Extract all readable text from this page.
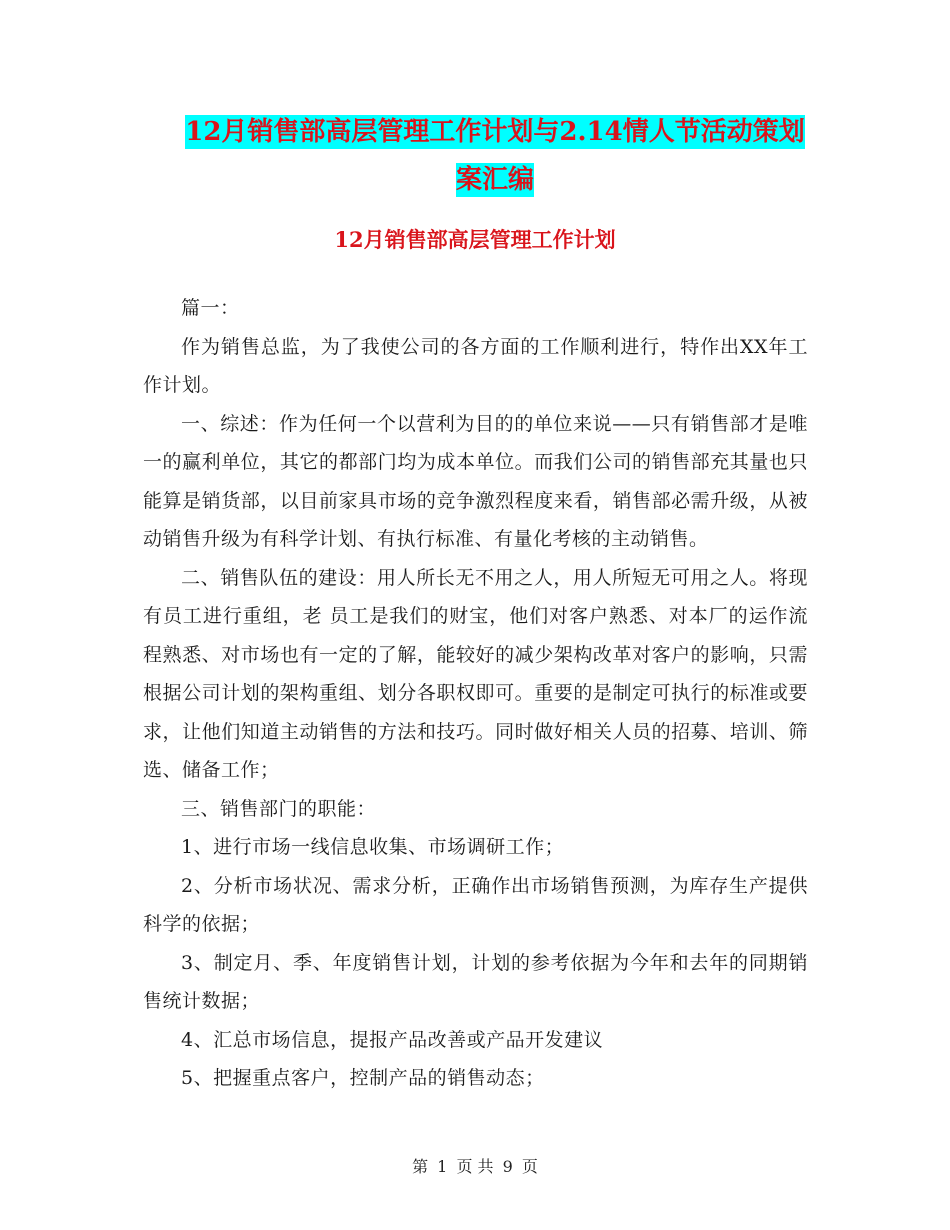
12月销售部高层管理工作计划与2.14情人节活动策划
案汇编
12月销售部高层管理工作计划

篇一：

作为销售总监，为了我使公司的各方面的工作顺利进行，特作出XX年工作计划。

一、综述：作为任何一个以营利为目的的单位来说——只有销售部才是唯一的赢利单位，其它的都部门均为成本单位。而我们公司的销售部充其量也只能算是销货部，以目前家具市场的竞争激烈程度来看，销售部必需升级，从被动销售升级为有科学计划、有执行标准、有量化考核的主动销售。

二、销售队伍的建设：用人所长无不用之人，用人所短无可用之人。将现有员工进行重组，老 员工是我们的财宝，他们对客户熟悉、对本厂的运作流程熟悉、对市场也有一定的了解，能较好的减少架构改革对客户的影响，只需根据公司计划的架构重组、划分各职权即可。重要的是制定可执行的标准或要求，让他们知道主动销售的方法和技巧。同时做好相关人员的招募、培训、筛选、储备工作；

三、销售部门的职能：

1、进行市场一线信息收集、市场调研工作；

2、分析市场状况、需求分析，正确作出市场销售预测，为库存生产提供科学的依据；

3、制定月、季、年度销售计划，计划的参考依据为今年和去年的同期销售统计数据；

4、汇总市场信息，提报产品改善或产品开发建议

5、把握重点客户，控制产品的销售动态；

第 1 页 共 9 页
